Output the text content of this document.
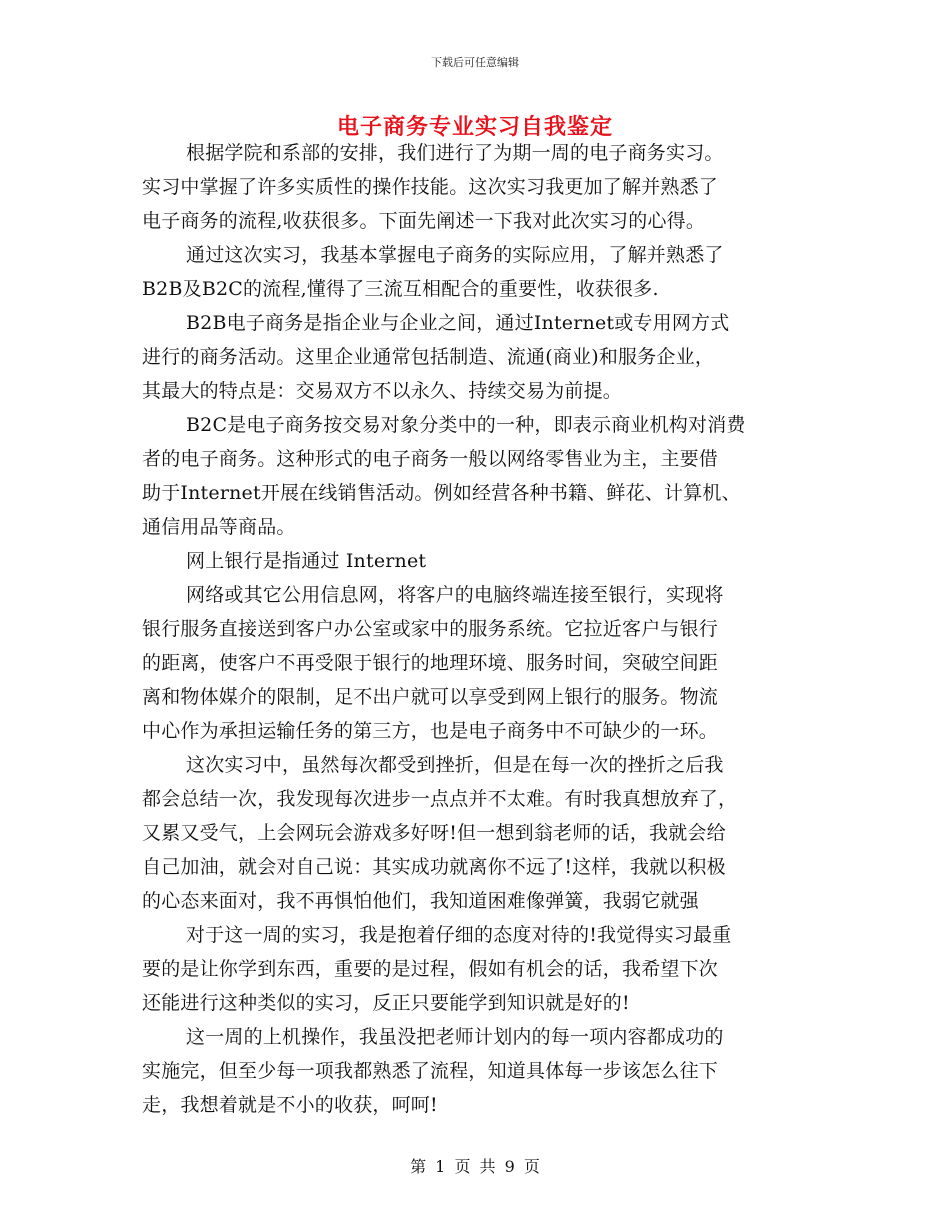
下载后可任意编辑
电子商务专业实习自我鉴定
根据学院和系部的安排，我们进行了为期一周的电子商务实习。
实习中掌握了许多实质性的操作技能。这次实习我更加了解并熟悉了
电子商务的流程,收获很多。下面先阐述一下我对此次实习的心得。
通过这次实习，我基本掌握电子商务的实际应用，了解并熟悉了
B2B及B2C的流程,懂得了三流互相配合的重要性，收获很多.
B2B电子商务是指企业与企业之间，通过Internet或专用网方式
进行的商务活动。这里企业通常包括制造、流通(商业)和服务企业，
其最大的特点是：交易双方不以永久、持续交易为前提。
B2C是电子商务按交易对象分类中的一种，即表示商业机构对消费
者的电子商务。这种形式的电子商务一般以网络零售业为主，主要借
助于Internet开展在线销售活动。例如经营各种书籍、鲜花、计算机、
通信用品等商品。
网上银行是指通过 Internet
网络或其它公用信息网，将客户的电脑终端连接至银行，实现将
银行服务直接送到客户办公室或家中的服务系统。它拉近客户与银行
的距离，使客户不再受限于银行的地理环境、服务时间，突破空间距
离和物体媒介的限制，足不出户就可以享受到网上银行的服务。物流
中心作为承担运输任务的第三方，也是电子商务中不可缺少的一环。
这次实习中，虽然每次都受到挫折，但是在每一次的挫折之后我
都会总结一次，我发现每次进步一点点并不太难。有时我真想放弃了，
又累又受气，上会网玩会游戏多好呀!但一想到翁老师的话，我就会给
自己加油，就会对自己说：其实成功就离你不远了!这样，我就以积极
的心态来面对，我不再惧怕他们，我知道困难像弹簧，我弱它就强
对于这一周的实习，我是抱着仔细的态度对待的!我觉得实习最重
要的是让你学到东西，重要的是过程，假如有机会的话，我希望下次
还能进行这种类似的实习，反正只要能学到知识就是好的!
这一周的上机操作，我虽没把老师计划内的每一项内容都成功的
实施完，但至少每一项我都熟悉了流程，知道具体每一步该怎么往下
走，我想着就是不小的收获，呵呵!
第 1 页 共 9 页
